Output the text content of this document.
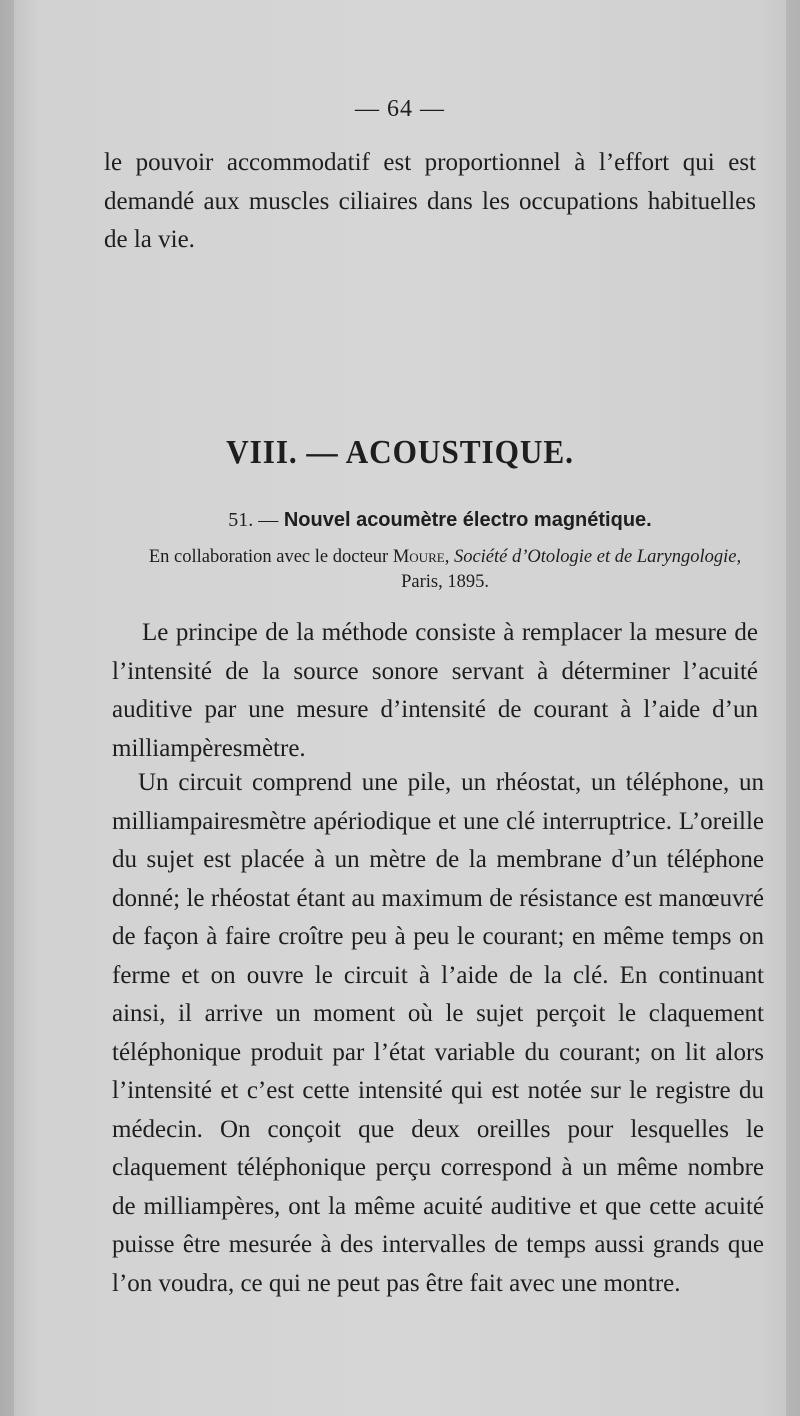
— 64 —

le pouvoir accommodatif est proportionnel à l’effort qui est demandé aux muscles ciliaires dans les occupations habituelles de la vie.

VIII. — ACOUSTIQUE.
51. — Nouvel acoumètre électro magnétique.
En collaboration avec le docteur Moure, Société d’Otologie et de Laryngologie,
Paris, 1895.

Le principe de la méthode consiste à remplacer la mesure de l’intensité de la source sonore servant à déterminer l’acuité auditive par une mesure d’intensité de courant à l’aide d’un milliampèresmètre.

Un circuit comprend une pile, un rhéostat, un téléphone, un milliampairesmètre apériodique et une clé interruptrice. L’oreille du sujet est placée à un mètre de la membrane d’un téléphone donné; le rhéostat étant au maximum de résistance est manœuvré de façon à faire croître peu à peu le courant; en même temps on ferme et on ouvre le circuit à l’aide de la clé. En continuant ainsi, il arrive un moment où le sujet perçoit le claquement téléphonique produit par l’état variable du courant; on lit alors l’intensité et c’est cette intensité qui est notée sur le registre du médecin. On conçoit que deux oreilles pour lesquelles le claquement téléphonique perçu correspond à un même nombre de milliampères, ont la même acuité auditive et que cette acuité puisse être mesurée à des intervalles de temps aussi grands que l’on voudra, ce qui ne peut pas être fait avec une montre.
